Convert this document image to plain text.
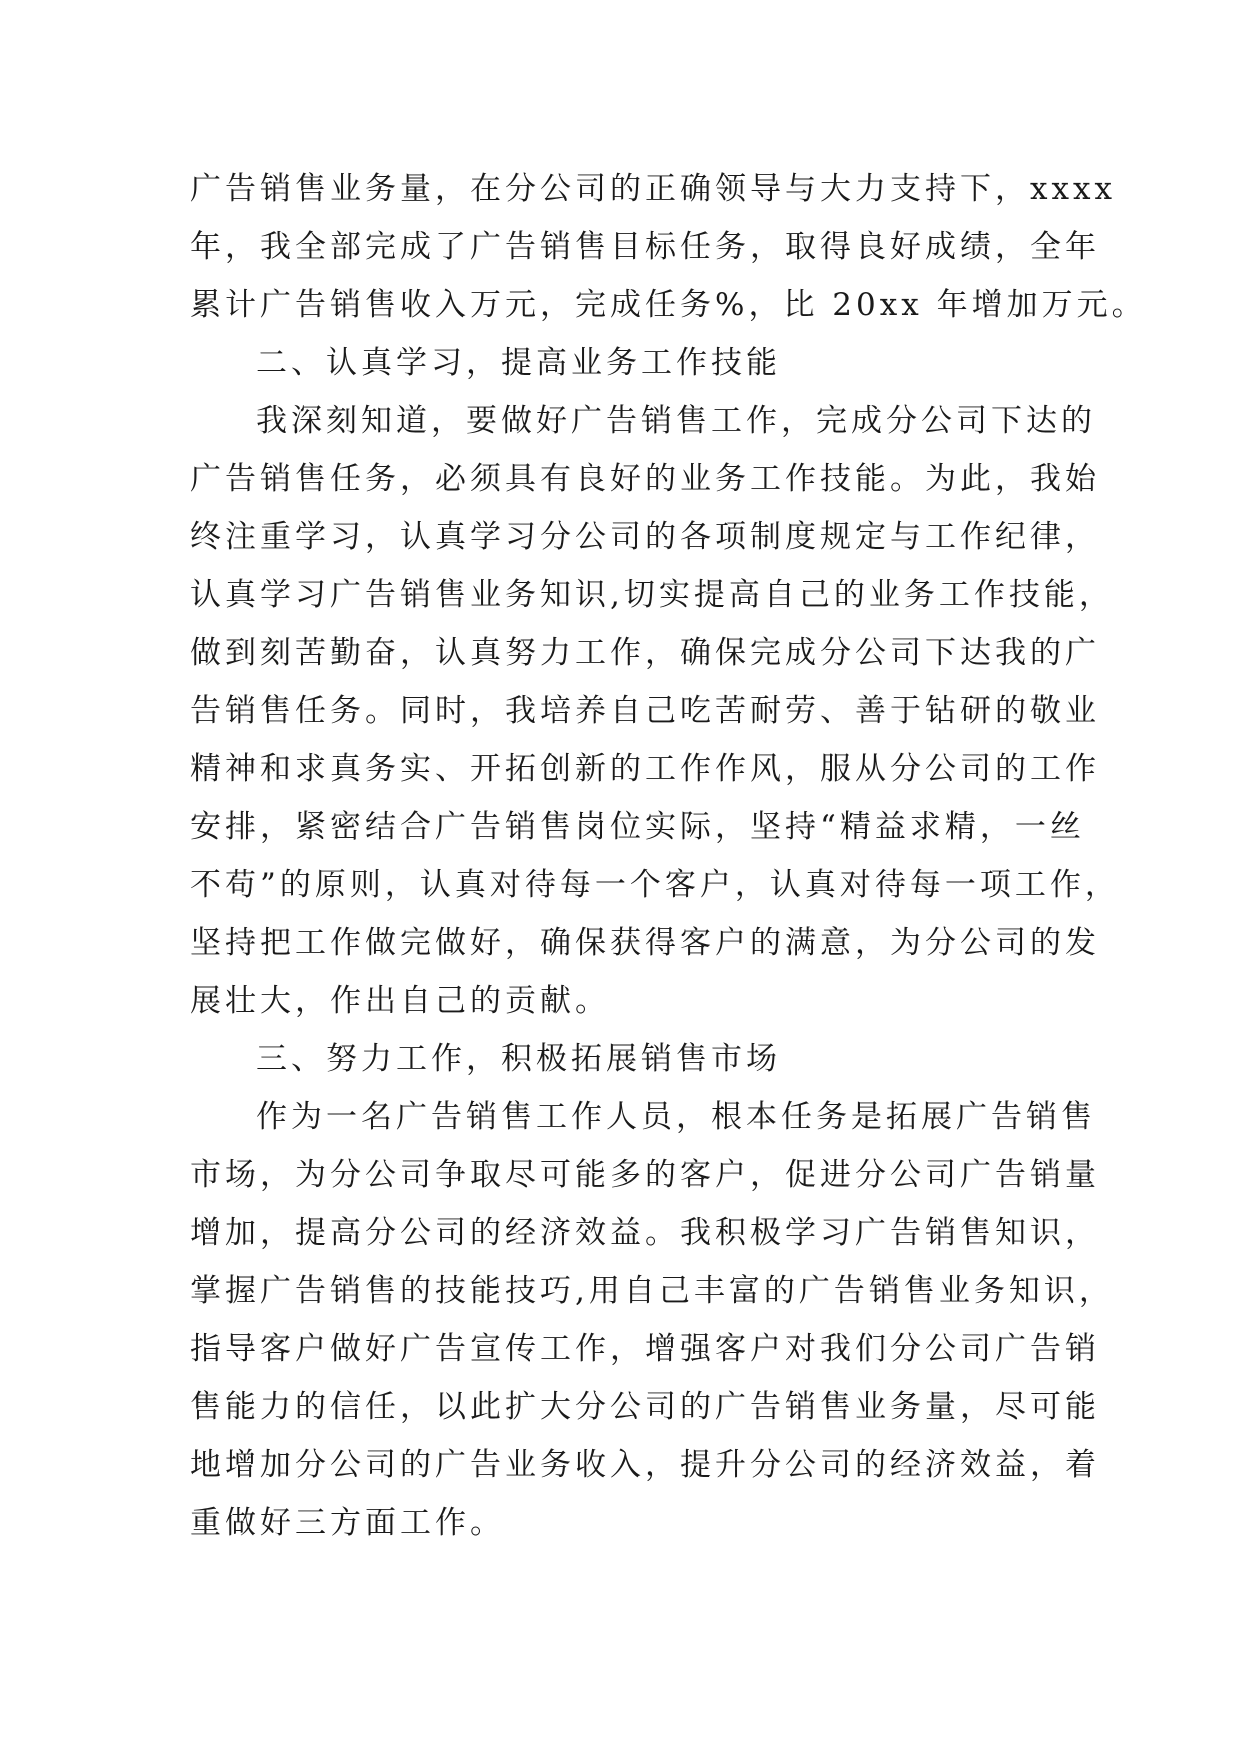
广告销售业务量，在分公司的正确领导与大力支持下，xxxx
年，我全部完成了广告销售目标任务，取得良好成绩，全年
累计广告销售收入万元，完成任务%，比 20xx 年增加万元。
二、认真学习，提高业务工作技能
我深刻知道，要做好广告销售工作，完成分公司下达的
广告销售任务，必须具有良好的业务工作技能。为此，我始
终注重学习，认真学习分公司的各项制度规定与工作纪律，
认真学习广告销售业务知识,切实提高自己的业务工作技能，
做到刻苦勤奋，认真努力工作，确保完成分公司下达我的广
告销售任务。同时，我培养自己吃苦耐劳、善于钻研的敬业
精神和求真务实、开拓创新的工作作风，服从分公司的工作
安排，紧密结合广告销售岗位实际，坚持“精益求精，一丝
不苟”的原则，认真对待每一个客户，认真对待每一项工作，
坚持把工作做完做好，确保获得客户的满意，为分公司的发
展壮大，作出自己的贡献。
三、努力工作，积极拓展销售市场
作为一名广告销售工作人员，根本任务是拓展广告销售
市场，为分公司争取尽可能多的客户，促进分公司广告销量
增加，提高分公司的经济效益。我积极学习广告销售知识，
掌握广告销售的技能技巧,用自己丰富的广告销售业务知识，
指导客户做好广告宣传工作，增强客户对我们分公司广告销
售能力的信任，以此扩大分公司的广告销售业务量，尽可能
地增加分公司的广告业务收入，提升分公司的经济效益，着
重做好三方面工作。
